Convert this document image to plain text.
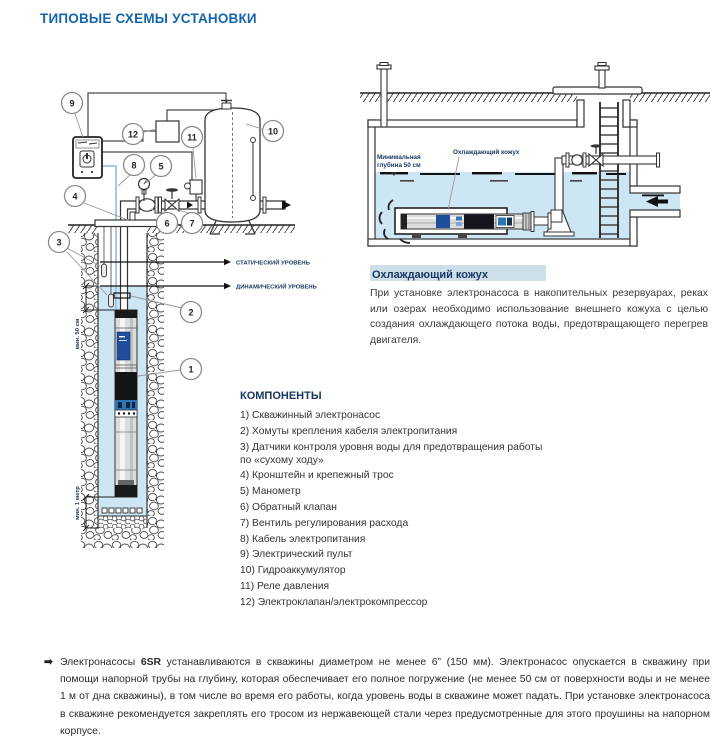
ТИПОВЫЕ СХЕМЫ УСТАНОВКИ
СТАТИЧЕСКИЙ УРОВЕНЬ
ДИНАМИЧЕСКИЙ УРОВЕНЬ
мин. 50 см
мин. 1 метр
1
2
3
4
5
6 7
8
9
10
11
12
Минимальная
глубина 50 см
Охлаждающий кожух
Охлаждающий кожух
При установке электронасоса в накопительных резервуарах, реках или озерах необходимо использование внешнего кожуха с целью создания охлаждающего потока воды, предотвращающего перегрев двигателя.
КОМПОНЕНТЫ
1) Скважинный электронасос
2) Хомуты крепления кабеля электропитания
3) Датчики контроля уровня воды для предотвращения работы по «сухому ходу»
4) Кронштейн и крепежный трос
5) Манометр
6) Обратный клапан
7) Вентиль регулирования расхода
8) Кабель электропитания
9) Электрический пульт
10) Гидроаккумулятор
11) Реле давления
12) Электроклапан/электрокомпрессор
➡ Электронасосы 6SR устанавливаются в скважины диаметром не менее 6” (150 мм). Электронасос опускается в скважину при помощи напорной трубы на глубину, которая обеспечивает его полное погружение (не менее 50 см от поверхности воды и не менее 1 м от дна скважины), в том числе во время его работы, когда уровень воды в скважине может падать. При установке электронасоса в скважине рекомендуется закреплять его тросом из нержавеющей стали через предусмотренные для этого проушины на напорном корпусе.
